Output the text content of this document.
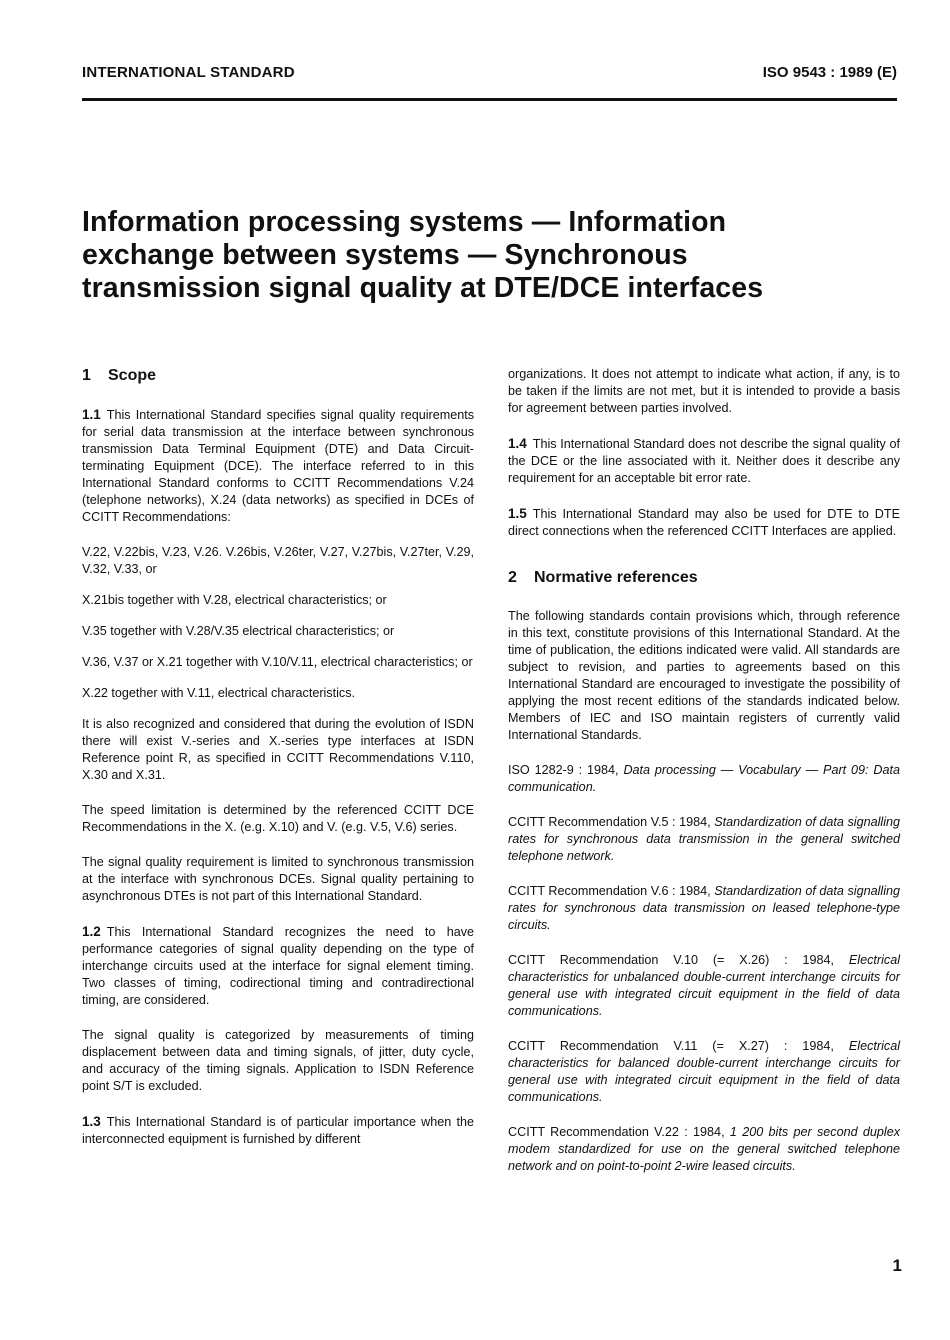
INTERNATIONAL STANDARD	ISO 9543 : 1989 (E)
Information processing systems — Information
exchange between systems — Synchronous
transmission signal quality at DTE/DCE interfaces
1 Scope

1.1 This International Standard specifies signal quality requirements for serial data transmission at the interface between synchronous transmission Data Terminal Equipment (DTE) and Data Circuit-terminating Equipment (DCE). The interface referred to in this International Standard conforms to CCITT Recommendations V.24 (telephone networks), X.24 (data networks) as specified in DCEs of CCITT Recommendations:

V.22, V.22bis, V.23, V.26. V.26bis, V.26ter, V.27, V.27bis, V.27ter, V.29, V.32, V.33, or

X.21bis together with V.28, electrical characteristics; or

V.35 together with V.28/V.35 electrical characteristics; or

V.36, V.37 or X.21 together with V.10/V.11, electrical characteristics; or

X.22 together with V.11, electrical characteristics.

It is also recognized and considered that during the evolution of ISDN there will exist V.-series and X.-series type interfaces at ISDN Reference point R, as specified in CCITT Recommendations V.110, X.30 and X.31.

The speed limitation is determined by the referenced CCITT DCE Recommendations in the X. (e.g. X.10) and V. (e.g. V.5, V.6) series.

The signal quality requirement is limited to synchronous transmission at the interface with synchronous DCEs. Signal quality pertaining to asynchronous DTEs is not part of this International Standard.

1.2 This International Standard recognizes the need to have performance categories of signal quality depending on the type of interchange circuits used at the interface for signal element timing. Two classes of timing, codirectional timing and contradirectional timing, are considered.

The signal quality is categorized by measurements of timing displacement between data and timing signals, of jitter, duty cycle, and accuracy of the timing signals. Application to ISDN Reference point S/T is excluded.

1.3 This International Standard is of particular importance when the interconnected equipment is furnished by different

organizations. It does not attempt to indicate what action, if any, is to be taken if the limits are not met, but it is intended to provide a basis for agreement between parties involved.

1.4 This International Standard does not describe the signal quality of the DCE or the line associated with it. Neither does it describe any requirement for an acceptable bit error rate.

1.5 This International Standard may also be used for DTE to DTE direct connections when the referenced CCITT Interfaces are applied.

2 Normative references

The following standards contain provisions which, through reference in this text, constitute provisions of this International Standard. At the time of publication, the editions indicated were valid. All standards are subject to revision, and parties to agreements based on this International Standard are encouraged to investigate the possibility of applying the most recent editions of the standards indicated below. Members of IEC and ISO maintain registers of currently valid International Standards.

ISO 1282-9 : 1984, Data processing — Vocabulary — Part 09: Data communication.

CCITT Recommendation V.5 : 1984, Standardization of data signalling rates for synchronous data transmission in the general switched telephone network.

CCITT Recommendation V.6 : 1984, Standardization of data signalling rates for synchronous data transmission on leased telephone-type circuits.

CCITT Recommendation V.10 (= X.26) : 1984, Electrical characteristics for unbalanced double-current interchange circuits for general use with integrated circuit equipment in the field of data communications.

CCITT Recommendation V.11 (= X.27) : 1984, Electrical characteristics for balanced double-current interchange circuits for general use with integrated circuit equipment in the field of data communications.

CCITT Recommendation V.22 : 1984, 1 200 bits per second duplex modem standardized for use on the general switched telephone network and on point-to-point 2-wire leased circuits.

1
